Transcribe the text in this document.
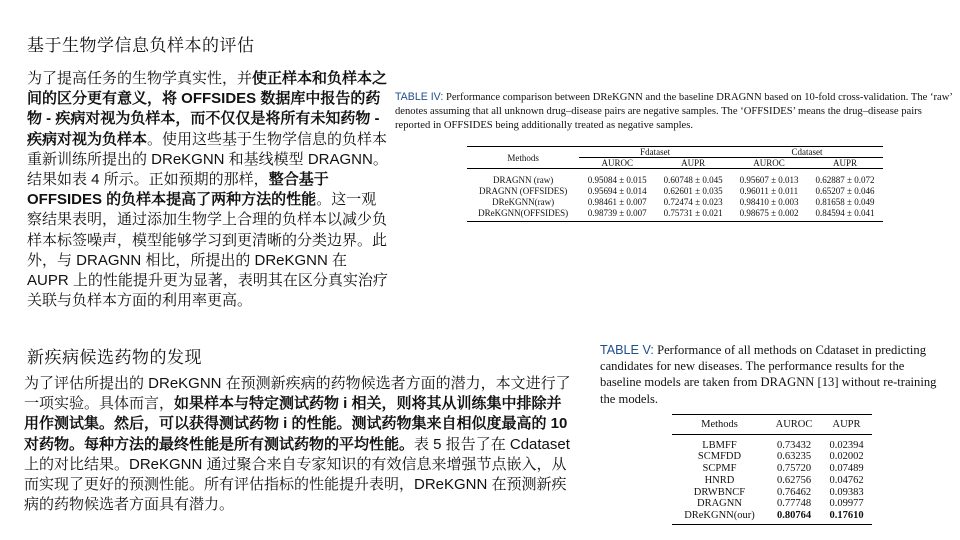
基于生物学信息负样本的评估
为了提高任务的生物学真实性，并使正样本和负样本之间的区分更有意义，将 OFFSIDES 数据库中报告的药物 - 疾病对视为负样本，而不仅仅是将所有未知药物 - 疾病对视为负样本。使用这些基于生物学信息的负样本重新训练所提出的 DReKGNN 和基线模型 DRAGNN。结果如表 4 所示。正如预期的那样，整合基于 OFFSIDES 的负样本提高了两种方法的性能。这一观察结果表明，通过添加生物学上合理的负样本以减少负样本标签噪声，模型能够学习到更清晰的分类边界。此外，与 DRAGNN 相比，所提出的 DReKGNN 在 AUPR 上的性能提升更为显著，表明其在区分真实治疗关联与负样本方面的利用率更高。
TABLE IV: Performance comparison between DReKGNN and the baseline DRAGNN based on 10-fold cross-validation. The ‘raw’ denotes assuming that all unknown drug–disease pairs are negative samples. The ‘OFFSIDES’ means the drug–disease pairs reported in OFFSIDES being additionally treated as negative samples.
Methods	Fdataset		Cdataset	
	AUROC	AUPR	AUROC	AUPR
DRAGNN (raw)	0.95084 ± 0.015	0.60748 ± 0.045	0.95607 ± 0.013	0.62887 ± 0.072
DRAGNN (OFFSIDES)	0.95694 ± 0.014	0.62601 ± 0.035	0.96011 ± 0.011	0.65207 ± 0.046
DReKGNN(raw)	0.98461 ± 0.007	0.72474 ± 0.023	0.98410 ± 0.003	0.81658 ± 0.049
DReKGNN(OFFSIDES)	0.98739 ± 0.007	0.75731 ± 0.021	0.98675 ± 0.002	0.84594 ± 0.041
新疾病候选药物的发现
为了评估所提出的 DReKGNN 在预测新疾病的药物候选者方面的潜力，本文进行了一项实验。具体而言，如果样本与特定测试药物 i 相关，则将其从训练集中排除并用作测试集。然后，可以获得测试药物 i 的性能。测试药物集来自相似度最高的 10 对药物。每种方法的最终性能是所有测试药物的平均性能。表 5 报告了在 Cdataset 上的对比结果。DReKGNN 通过聚合来自专家知识的有效信息来增强节点嵌入，从而实现了更好的预测性能。所有评估指标的性能提升表明，DReKGNN 在预测新疾病的药物候选者方面具有潜力。
TABLE V: Performance of all methods on Cdataset in predicting candidates for new diseases. The performance results for the baseline models are taken from DRAGNN [13] without re-training the models.
Methods	AUROC	AUPR
LBMFF	0.73432	0.02394
SCMFDD	0.63235	0.02002
SCPMF	0.75720	0.07489
HNRD	0.62756	0.04762
DRWBNCF	0.76462	0.09383
DRAGNN	0.77748	0.09977
DReKGNN(our)	0.80764	0.17610
